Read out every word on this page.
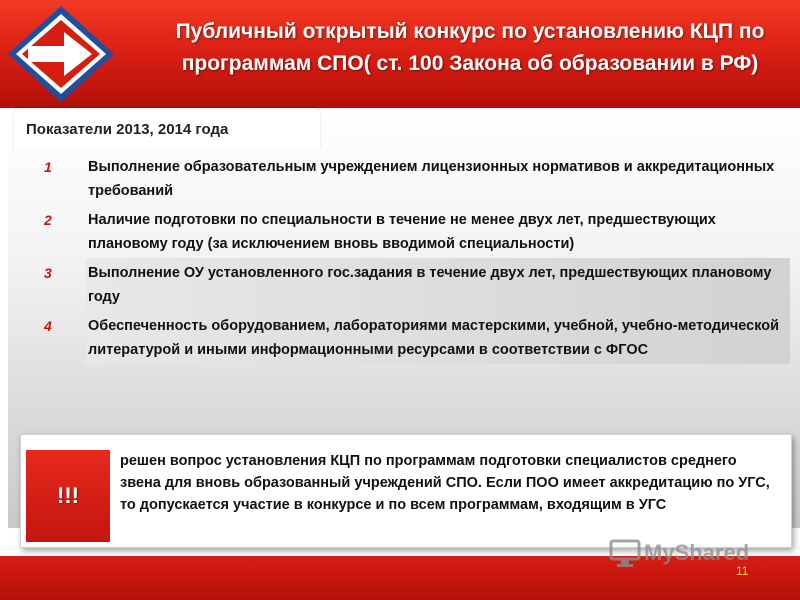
Публичный открытый конкурс по установлению КЦП по
программам СПО( ст. 100 Закона об образовании в РФ)
Показатели 2013, 2014 года
1	Выполнение образовательным учреждением лицензионных нормативов и аккредитационных требований
2	Наличие подготовки по специальности в течение не менее двух лет, предшествующих плановому году (за исключением вновь вводимой специальности)
3	Выполнение ОУ установленного гос.задания в течение двух лет, предшествующих плановому году
4	Обеспеченность оборудованием, лабораториями мастерскими, учебной, учебно-методической литературой и иными информационными ресурсами в соответствии с ФГОС
!!!
решен вопрос установления КЦП по программам подготовки специалистов среднего звена для вновь образованный учреждений СПО. Если ПОО имеет аккредитацию по УГС, то допускается участие в конкурсе и по всем программам, входящим в УГС
MyShared
11
